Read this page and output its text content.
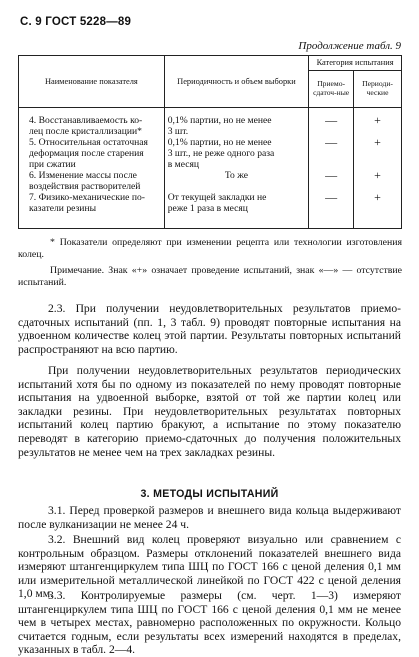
С. 9 ГОСТ 5228—89
Продолжение табл. 9
Наименование показателя	Периодичность и объем выборки	Категория испытания	
		Приемо-сдаточ-ные	Периоди-ческие

4. Восстанавливаемость ко-
лец после кристаллизации*	0,1% партии, но не менее
3 шт.	—	+

5. Относительная остаточная
деформация после старения
при сжатии	0,1% партии, но не менее
3 шт., не реже одного раза
в месяц	—	+

6. Изменение массы после
воздействия растворителей	То же	—	+

7. Физико-механические по-
казатели резины	От текущей закладки не
реже 1 раза в месяц	—	+
* Показатели определяют при изменении рецепта или технологии изготовления колец.
Примечание. Знак «+» означает проведение испытаний, знак «—» — отсутствие испытаний.
2.3. При получении неудовлетворительных результатов приемо-сдаточных испытаний (пп. 1, 3 табл. 9) проводят повторные испытания на удвоенном количестве колец этой партии. Результаты повторных испытаний распространяют на всю партию.
При получении неудовлетворительных результатов периодических испытаний хотя бы по одному из показателей по нему проводят повторные испытания на удвоенной выборке, взятой от той же партии колец или закладки резины. При неудовлетворительных результатах повторных испытаний колец партию бракуют, а испытание по этому показателю переводят в категорию приемо-сдаточных до получения положительных результатов не менее чем на трех закладках резины.
3. МЕТОДЫ ИСПЫТАНИЙ
3.1. Перед проверкой размеров и внешнего вида кольца выдерживают после вулканизации не менее 24 ч.
3.2. Внешний вид колец проверяют визуально или сравнением с контрольным образцом. Размеры отклонений показателей внешнего вида измеряют штангенциркулем типа ШЦ по ГОСТ 166 с ценой деления 0,1 мм или измерительной металлической линейкой по ГОСТ 422 с ценой деления 1,0 мм.
3.3. Контролируемые размеры (см. черт. 1—3) измеряют штангенциркулем типа ШЦ по ГОСТ 166 с ценой деления 0,1 мм не менее чем в четырех местах, равномерно расположенных по окружности. Кольцо считается годным, если результаты всех измерений находятся в пределах, указанных в табл. 2—4.
